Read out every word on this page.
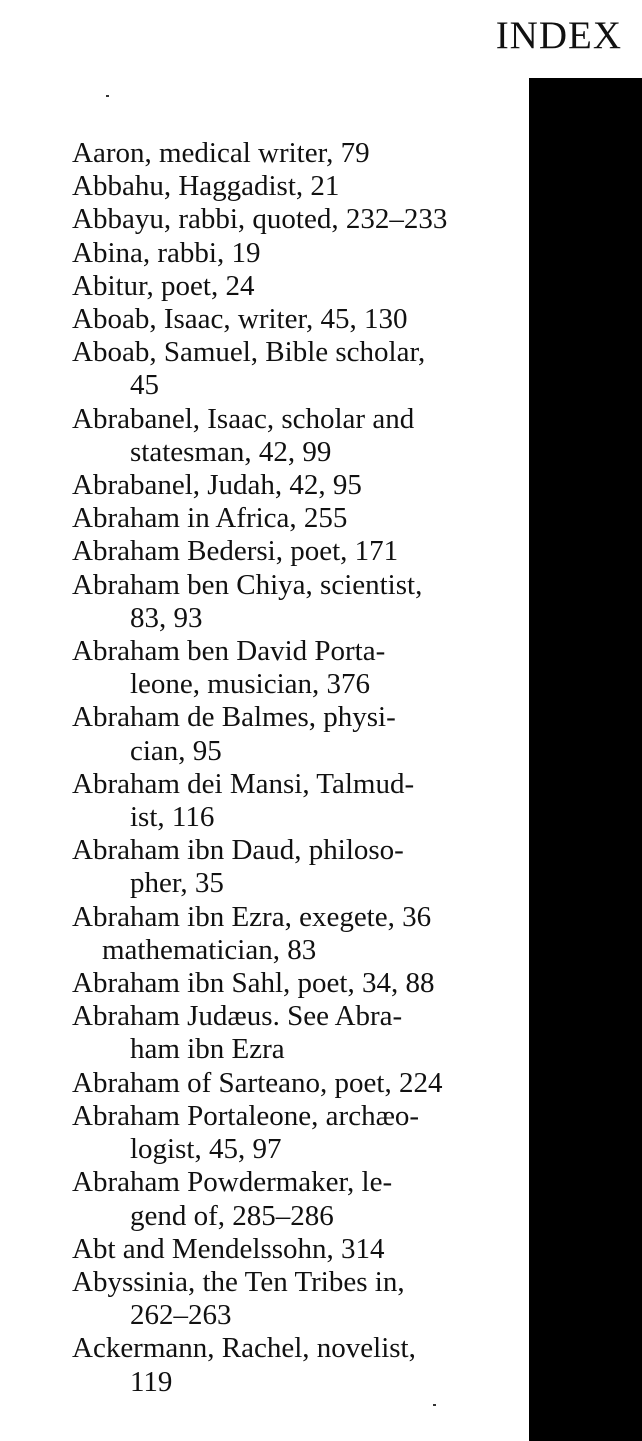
INDEX
Aaron, medical writer, 79
Abbahu, Haggadist, 21
Abbayu, rabbi, quoted, 232–233
Abina, rabbi, 19
Abitur, poet, 24
Aboab, Isaac, writer, 45, 130
Aboab, Samuel, Bible scholar,
45
Abrabanel, Isaac, scholar and
statesman, 42, 99
Abrabanel, Judah, 42, 95
Abraham in Africa, 255
Abraham Bedersi, poet, 171
Abraham ben Chiya, scientist,
83, 93
Abraham ben David Porta-
leone, musician, 376
Abraham de Balmes, physi-
cian, 95
Abraham dei Mansi, Talmud-
ist, 116
Abraham ibn Daud, philoso-
pher, 35
Abraham ibn Ezra, exegete, 36
mathematician, 83
Abraham ibn Sahl, poet, 34, 88
Abraham Judæus. See Abra-
ham ibn Ezra
Abraham of Sarteano, poet, 224
Abraham Portaleone, archæo-
logist, 45, 97
Abraham Powdermaker, le-
gend of, 285–286
Abt and Mendelssohn, 314
Abyssinia, the Ten Tribes in,
262–263
Ackermann, Rachel, novelist,
119
